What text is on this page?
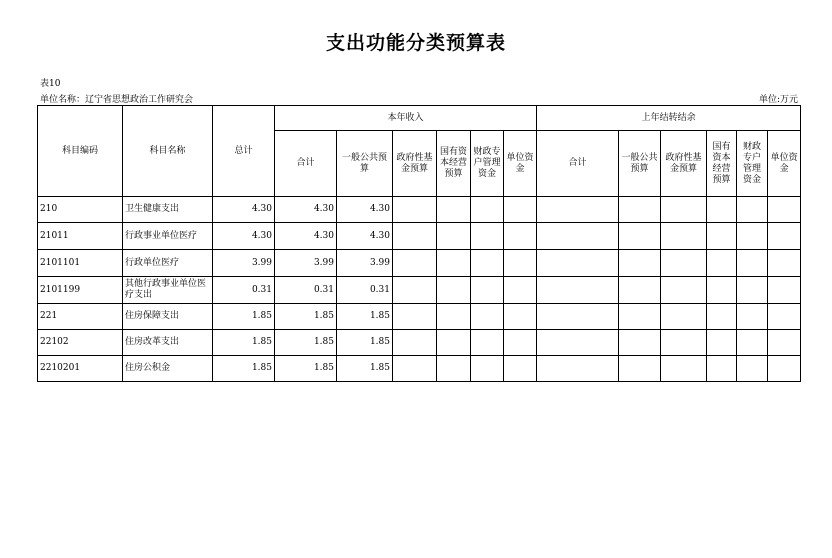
支出功能分类预算表
表10
单位名称：辽宁省思想政治工作研究会	单位:万元
科目编码	科目名称	总计	本年收入						上年结转结余					
			合计	一般公共预算	政府性基金预算	国有资本经营预算	财政专户管理资金	单位资金	合计	一般公共预算	政府性基金预算	国有资本经营预算	财政专户管理资金	单位资金
210	卫生健康支出	4.30	4.30	4.30										
21011	行政事业单位医疗	4.30	4.30	4.30										
2101101	行政单位医疗	3.99	3.99	3.99										
2101199	其他行政事业单位医疗支出	0.31	0.31	0.31										
221	住房保障支出	1.85	1.85	1.85										
22102	住房改革支出	1.85	1.85	1.85										
2210201	住房公积金	1.85	1.85	1.85										
